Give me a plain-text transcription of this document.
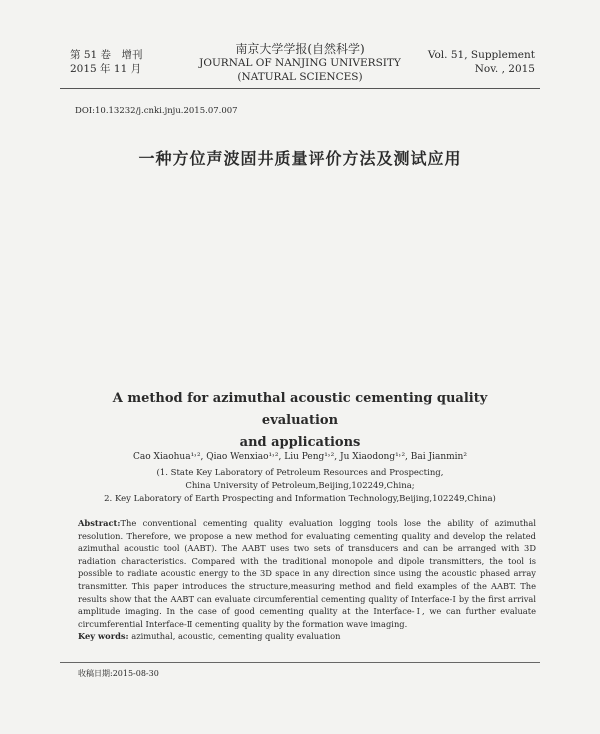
第 51 卷　增刊
2015 年 11 月
南京大学学报(自然科学)
JOURNAL OF NANJING UNIVERSITY
(NATURAL SCIENCES)
Vol. 51, Supplement
Nov. , 2015
DOI:10.13232/j.cnki.jnju.2015.07.007
一种方位声波固井质量评价方法及测试应用
A method for azimuthal acoustic cementing quality evaluation
and applications
Cao Xiaohua¹˒², Qiao Wenxiao¹˒², Liu Peng¹˒², Ju Xiaodong¹˒², Bai Jianmin²
(1. State Key Laboratory of Petroleum Resources and Prospecting,
China University of Petroleum,Beijing,102249,China;
2. Key Laboratory of Earth Prospecting and Information Technology,Beijing,102249,China)
Abstract:The conventional cementing quality evaluation logging tools lose the ability of azimuthal resolution. Therefore, we propose a new method for evaluating cementing quality and develop the related azimuthal acoustic tool (AABT). The AABT uses two sets of transducers and can be arranged with 3D radiation characteristics. Compared with the traditional monopole and dipole transmitters, the tool is possible to radiate acoustic energy to the 3D space in any direction since using the acoustic phased array transmitter. This paper introduces the structure,measuring method and field examples of the AABT. The results show that the AABT can evaluate circumferential cementing quality of Interface-Ⅰ by the first arrival amplitude imaging. In the case of good cementing quality at the Interface-Ⅰ, we can further evaluate circumferential Interface-Ⅱ cementing quality by the formation wave imaging.
Key words: azimuthal, acoustic, cementing quality evaluation
收稿日期:2015-08-30
